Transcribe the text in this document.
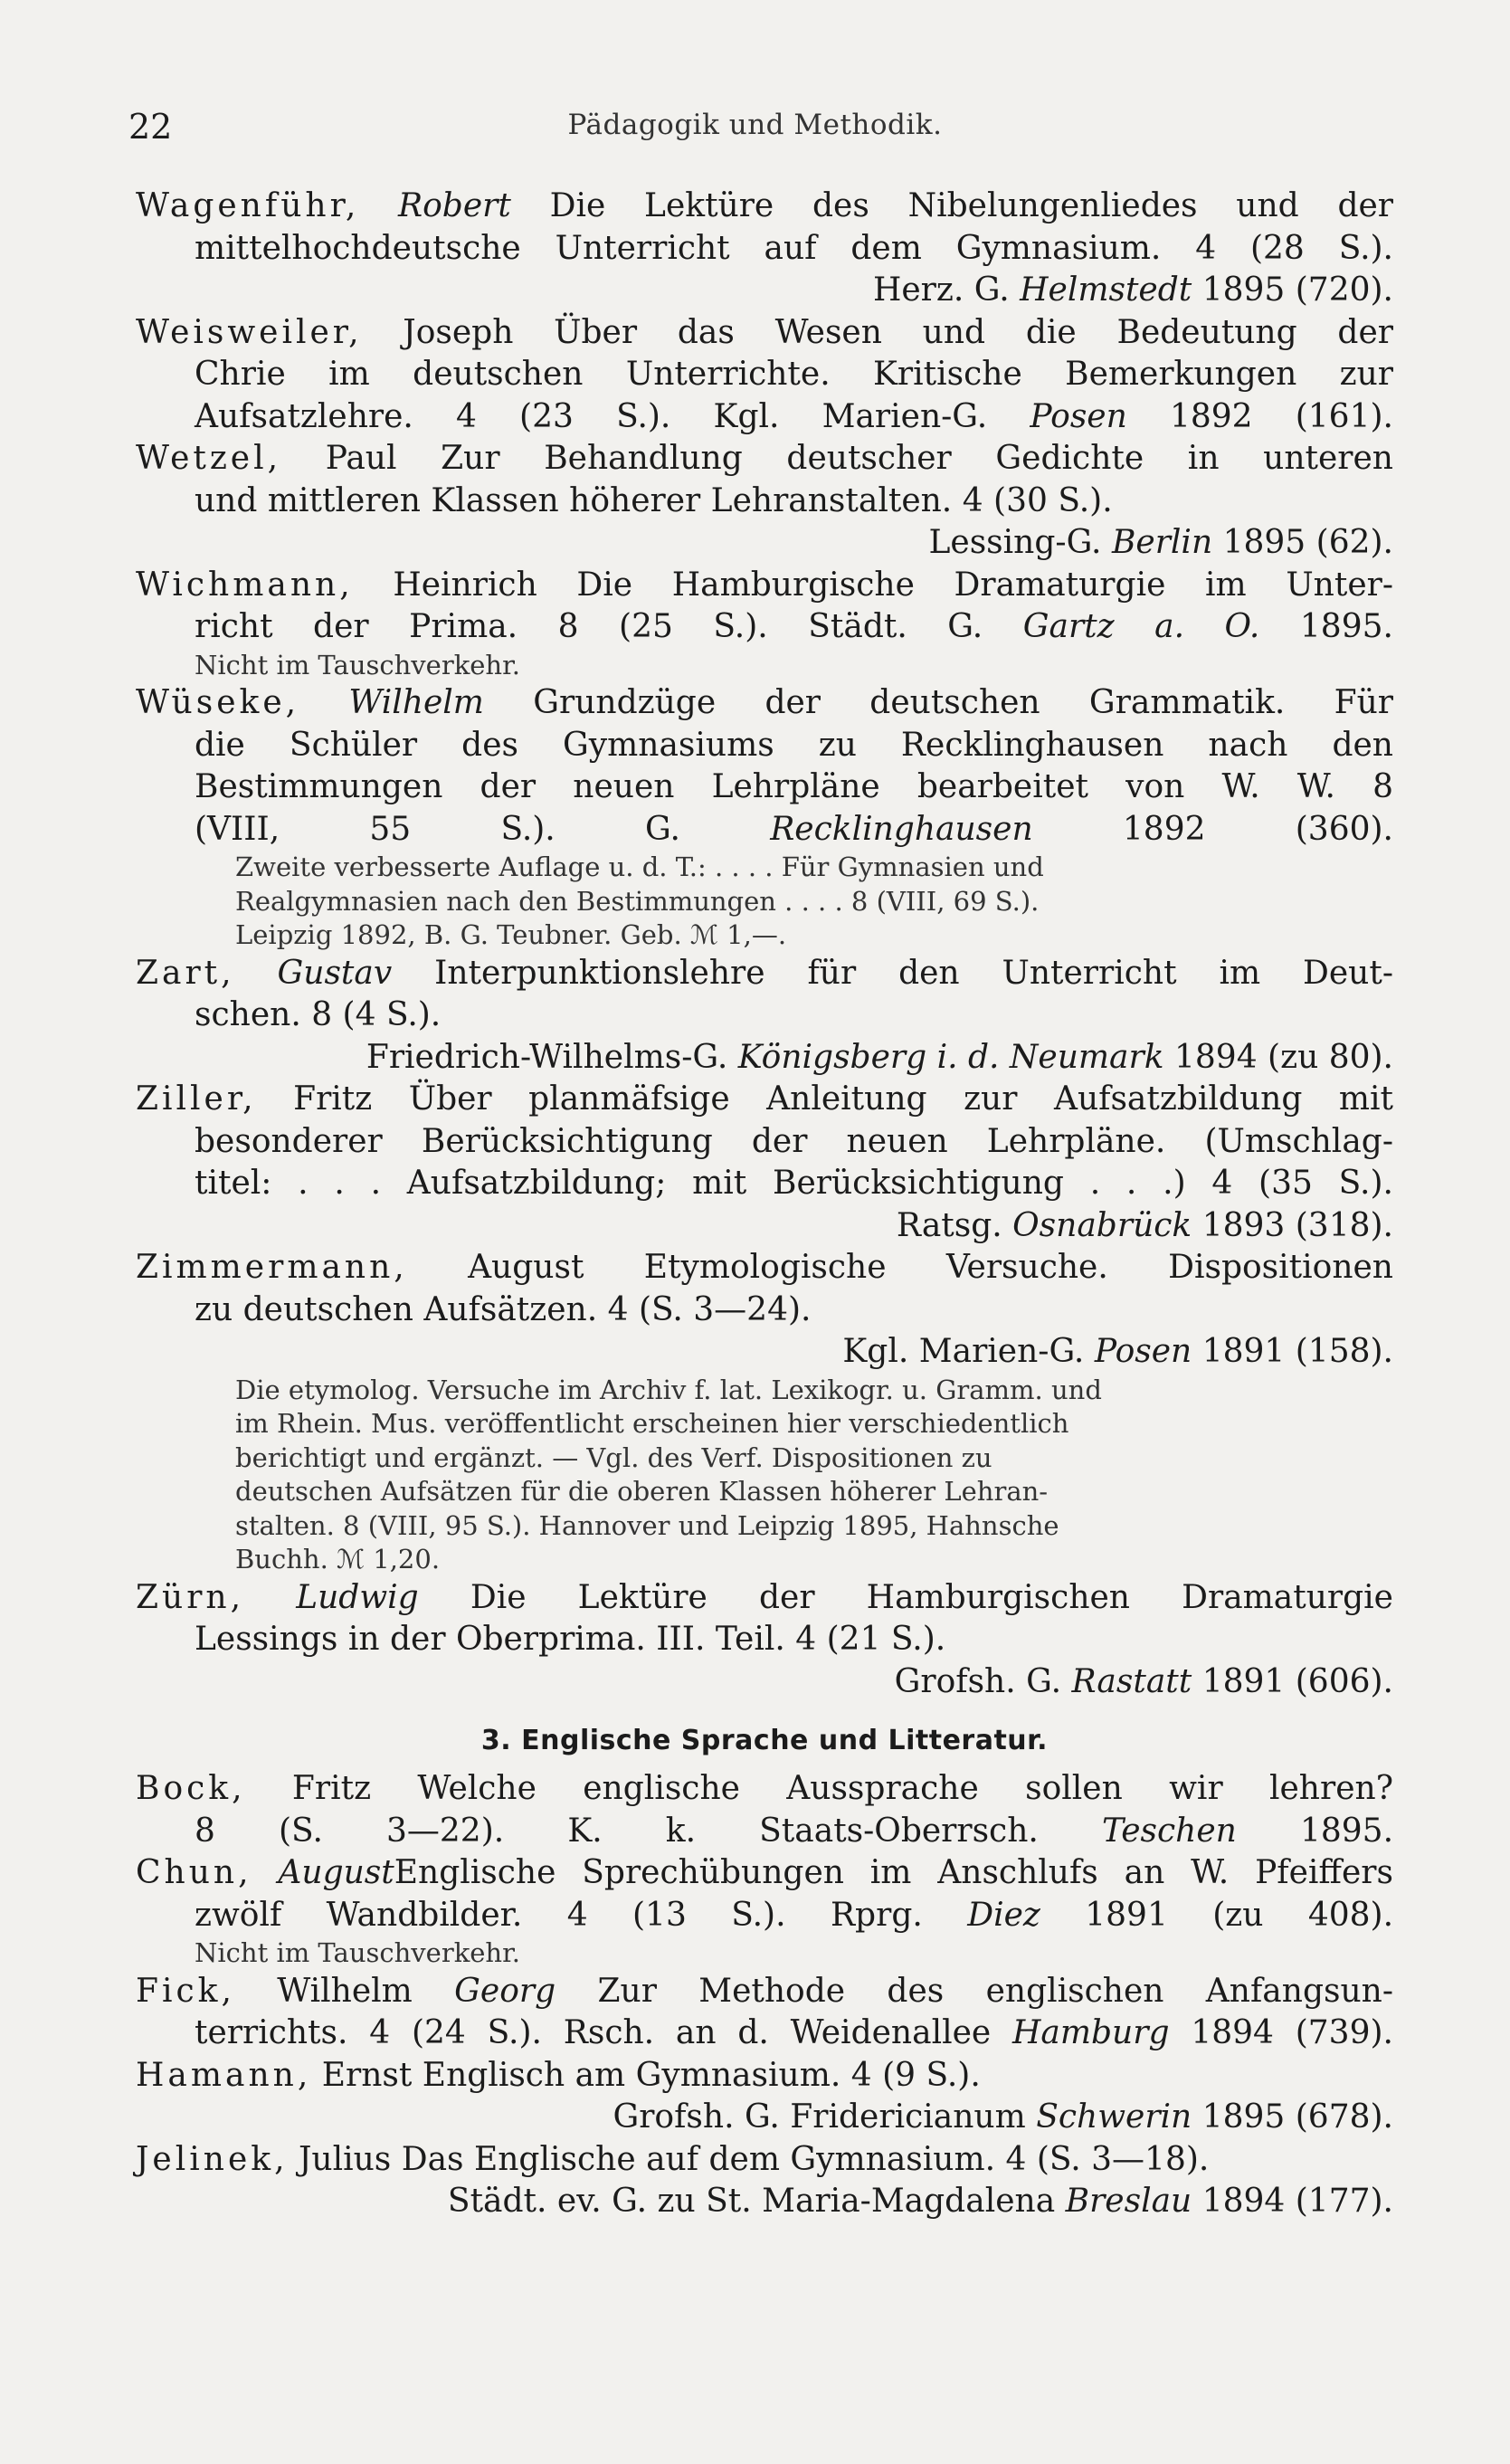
22	Pädagogik und Methodik.
Wagenführ, Robert Die Lektüre des Nibelungenliedes und der
mittelhochdeutsche Unterricht auf dem Gymnasium. 4 (28 S.).
Herz. G. Helmstedt 1895 (720).
Weisweiler, Joseph Über das Wesen und die Bedeutung der
Chrie im deutschen Unterrichte. Kritische Bemerkungen zur
Aufsatzlehre. 4 (23 S.). Kgl. Marien-G. Posen 1892 (161).
Wetzel, Paul Zur Behandlung deutscher Gedichte in unteren
und mittleren Klassen höherer Lehranstalten. 4 (30 S.).
Lessing-G. Berlin 1895 (62).
Wichmann, Heinrich Die Hamburgische Dramaturgie im Unter-
richt der Prima. 8 (25 S.). Städt. G. Gartz a. O. 1895.
Nicht im Tauschverkehr.
Wüseke, Wilhelm Grundzüge der deutschen Grammatik. Für
die Schüler des Gymnasiums zu Recklinghausen nach den
Bestimmungen der neuen Lehrpläne bearbeitet von W. W. 8
(VIII, 55 S.).	G.	Recklinghausen	1892 (360).
Zweite verbesserte Auflage u. d. T.: . . . . Für Gymnasien und
Realgymnasien nach den Bestimmungen . . . . 8 (VIII, 69 S.).
Leipzig 1892, B. G. Teubner. Geb. ℳ 1,—.
Zart, Gustav Interpunktionslehre für den Unterricht im Deut-
schen. 8 (4 S.).
Friedrich-Wilhelms-G. Königsberg i. d. Neumark 1894 (zu 80).
Ziller, Fritz Über planmäfsige Anleitung zur Aufsatzbildung mit
besonderer Berücksichtigung der neuen Lehrpläne. (Umschlag-
titel: . . . Aufsatzbildung; mit Berücksichtigung . . .) 4 (35 S.).
Ratsg. Osnabrück 1893 (318).
Zimmermann, August Etymologische Versuche. Dispositionen
zu deutschen Aufsätzen. 4 (S. 3—24).
Kgl. Marien-G. Posen 1891 (158).
Die etymolog. Versuche im Archiv f. lat. Lexikogr. u. Gramm. und
im Rhein. Mus. veröffentlicht erscheinen hier verschiedentlich
berichtigt und ergänzt. — Vgl. des Verf. Dispositionen zu
deutschen Aufsätzen für die oberen Klassen höherer Lehran-
stalten. 8 (VIII, 95 S.). Hannover und Leipzig 1895, Hahnsche
Buchh. ℳ 1,20.
Zürn, Ludwig Die Lektüre der Hamburgischen Dramaturgie
Lessings in der Oberprima. III. Teil. 4 (21 S.).
Grofsh. G. Rastatt 1891 (606).
3. Englische Sprache und Litteratur.
Bock, Fritz Welche englische Aussprache sollen wir lehren?
8 (S. 3—22). K. k. Staats-Oberrsch. Teschen 1895.
Chun, AugustEnglische Sprechübungen im Anschlufs an W. Pfeiffers
zwölf Wandbilder. 4 (13 S.). Rprg. Diez 1891 (zu 408).
Nicht im Tauschverkehr.
Fick, Wilhelm Georg Zur Methode des englischen Anfangsun-
terrichts. 4 (24 S.). Rsch. an d. Weidenallee Hamburg 1894 (739).
Hamann, Ernst Englisch am Gymnasium. 4 (9 S.).
Grofsh. G. Fridericianum Schwerin 1895 (678).
Jelinek, Julius Das Englische auf dem Gymnasium. 4 (S. 3—18).
Städt. ev. G. zu St. Maria-Magdalena Breslau 1894 (177).
